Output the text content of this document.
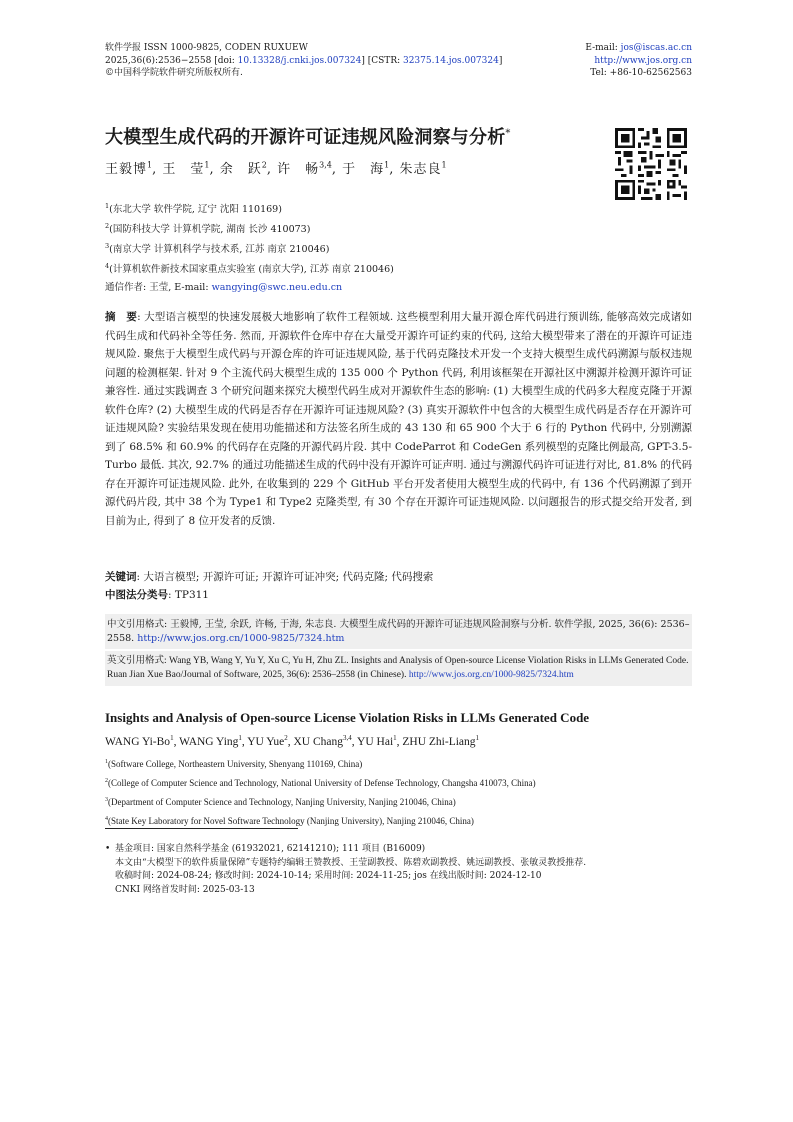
软件学报 ISSN 1000-9825, CODEN RUXUEW
2025,36(6):2536−2558 [doi: 10.13328/j.cnki.jos.007324] [CSTR: 32375.14.jos.007324]
©中国科学院软件研究所版权所有.
E-mail: jos@iscas.ac.cn
http://www.jos.org.cn
Tel: +86-10-62562563
大模型生成代码的开源许可证违规风险洞察与分析*
王毅博$^1$, 王　莹$^1$, 余　跃$^2$, 许　畅$^{3,4}$, 于　海$^1$, 朱志良$^1$
$^1$(东北大学 软件学院, 辽宁 沈阳 110169)
$^2$(国防科技大学 计算机学院, 湖南 长沙 410073)
$^3$(南京大学 计算机科学与技术系, 江苏 南京 210046)
$^4$(计算机软件新技术国家重点实验室 (南京大学), 江苏 南京 210046)
通信作者: 王莹, E-mail: wangying@swc.neu.edu.cn
摘　要: 大型语言模型的快速发展极大地影响了软件工程领域. 这些模型利用大量开源仓库代码进行预训练, 能够高效完成诸如代码生成和代码补全等任务. 然而, 开源软件仓库中存在大量受开源许可证约束的代码, 这给大模型带来了潜在的开源许可证违规风险. 聚焦于大模型生成代码与开源仓库的许可证违规风险, 基于代码克隆技术开发一个支持大模型生成代码溯源与版权违规问题的检测框架. 针对 9 个主流代码大模型生成的 135 000 个 Python 代码, 利用该框架在开源社区中溯源并检测开源许可证兼容性. 通过实践调查 3 个研究问题来探究大模型代码生成对开源软件生态的影响: (1) 大模型生成的代码多大程度克隆于开源软件仓库? (2) 大模型生成的代码是否存在开源许可证违规风险? (3) 真实开源软件中包含的大模型生成代码是否存在开源许可证违规风险? 实验结果发现在使用功能描述和方法签名所生成的 43 130 和 65 900 个大于 6 行的 Python 代码中, 分别溯源到了 68.5% 和 60.9% 的代码存在克隆的开源代码片段. 其中 CodeParrot 和 CodeGen 系列模型的克隆比例最高, GPT-3.5-Turbo 最低. 其次, 92.7% 的通过功能描述生成的代码中没有开源许可证声明. 通过与溯源代码许可证进行对比, 81.8% 的代码存在开源许可证违规风险. 此外, 在收集到的 229 个 GitHub 平台开发者使用大模型生成的代码中, 有 136 个代码溯源了到开源代码片段, 其中 38 个为 Type1 和 Type2 克隆类型, 有 30 个存在开源许可证违规风险. 以问题报告的形式提交给开发者, 到目前为止, 得到了 8 位开发者的反馈.
关键词: 大语言模型; 开源许可证; 开源许可证冲突; 代码克隆; 代码搜索
中图法分类号: TP311
中文引用格式: 王毅博, 王莹, 余跃, 许畅, 于海, 朱志良. 大模型生成代码的开源许可证违规风险洞察与分析. 软件学报, 2025, 36(6): 2536–2558. http://www.jos.org.cn/1000-9825/7324.htm
英文引用格式: Wang YB, Wang Y, Yu Y, Xu C, Yu H, Zhu ZL. Insights and Analysis of Open-source License Violation Risks in LLMs Generated Code. Ruan Jian Xue Bao/Journal of Software, 2025, 36(6): 2536–2558 (in Chinese). http://www.jos.org.cn/1000-9825/7324.htm
Insights and Analysis of Open-source License Violation Risks in LLMs Generated Code
WANG Yi-Bo$^1$, WANG Ying$^1$, YU Yue$^2$, XU Chang$^{3,4}$, YU Hai$^1$, ZHU Zhi-Liang$^1$
$^1$(Software College, Northeastern University, Shenyang 110169, China)
$^2$(College of Computer Science and Technology, National University of Defense Technology, Changsha 410073, China)
$^3$(Department of Computer Science and Technology, Nanjing University, Nanjing 210046, China)
$^4$(State Key Laboratory for Novel Software Technology (Nanjing University), Nanjing 210046, China)
• 基金项目: 国家自然科学基金 (61932021, 62141210); 111 项目 (B16009)
本文由“大模型下的软件质量保障”专题特约编辑王赞教授、王莹副教授、陈碧欢副教授、姚远副教授、张敏灵教授推荐.
收稿时间: 2024-08-24; 修改时间: 2024-10-14; 采用时间: 2024-11-25; jos 在线出版时间: 2024-12-10
CNKI 网络首发时间: 2025-03-13
